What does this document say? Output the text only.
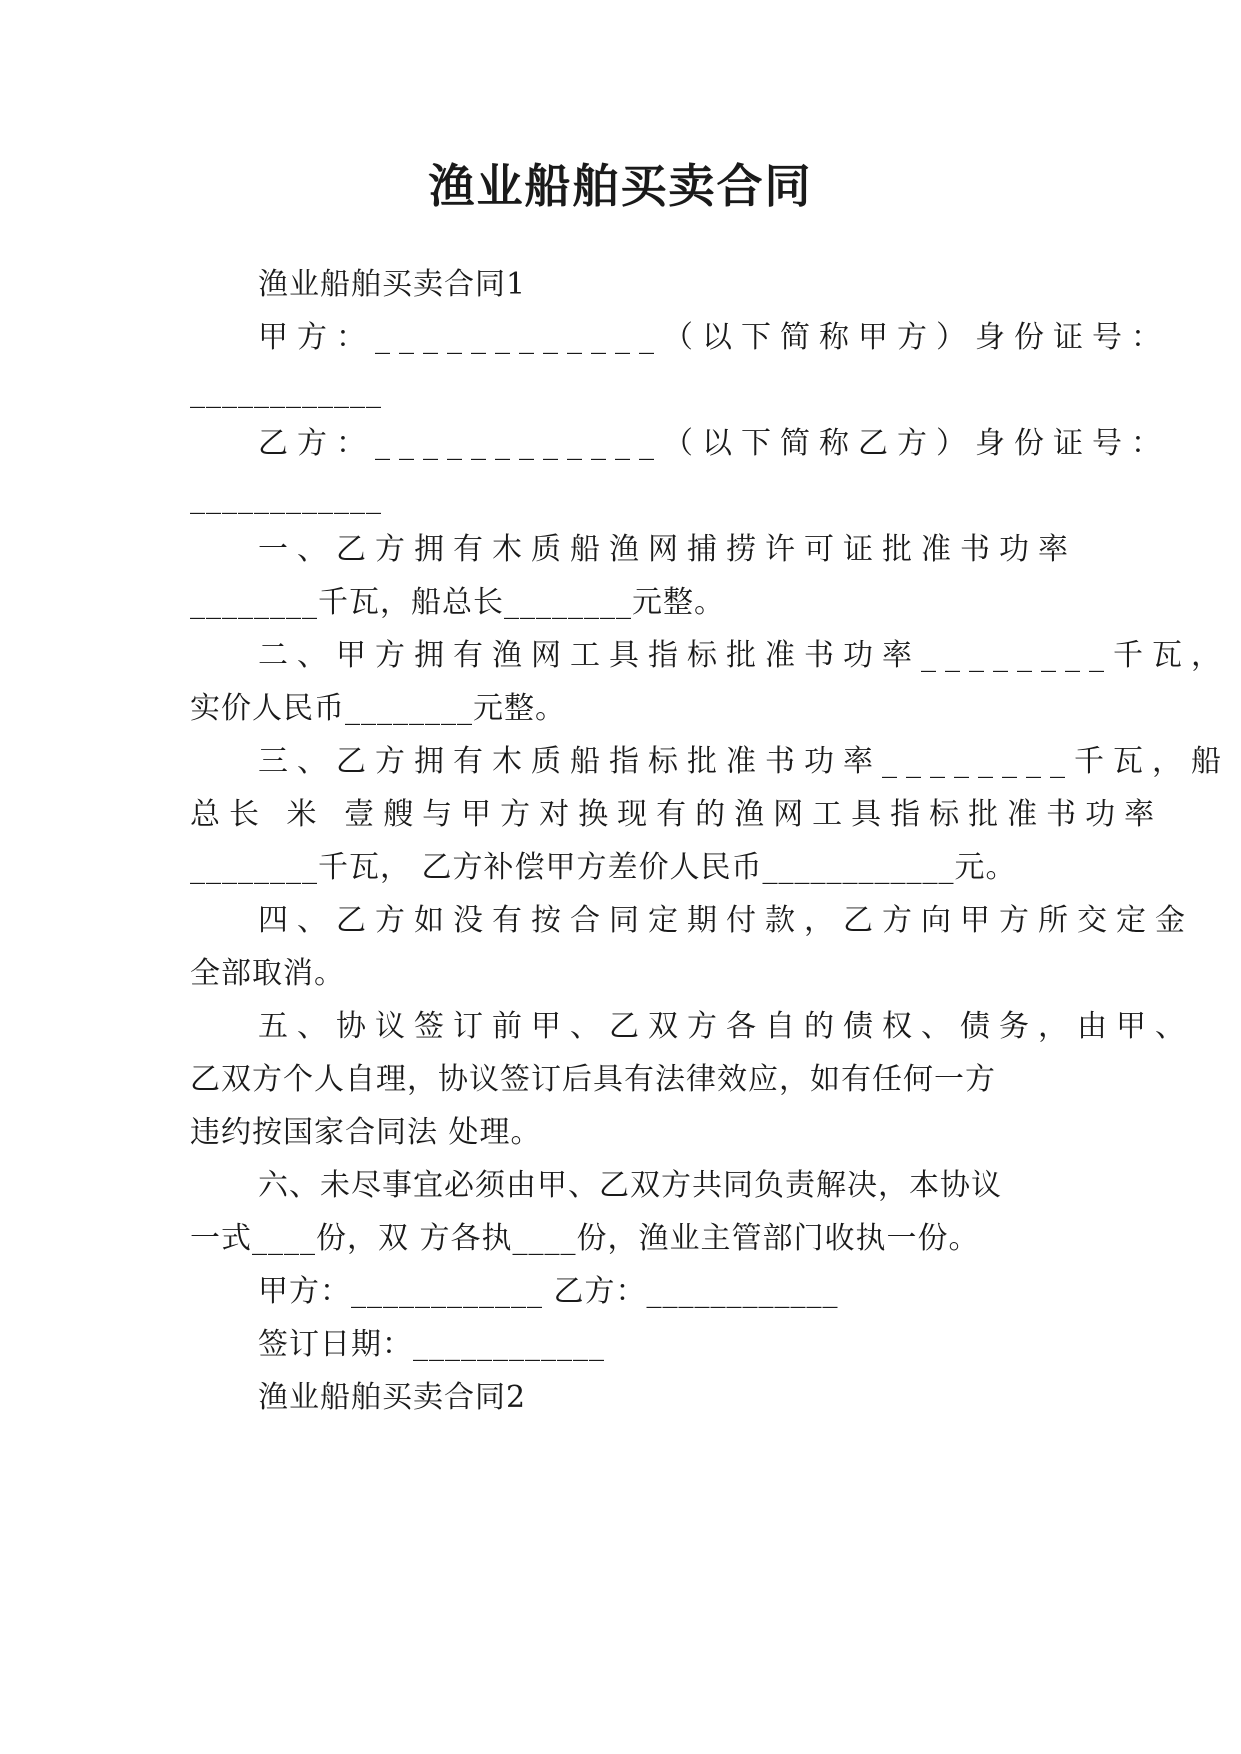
渔业船舶买卖合同
渔业船舶买卖合同1
甲方：____________（以下简称甲方）身份证号：
____________
乙方：____________（以下简称乙方）身份证号：
____________
一、乙方拥有木质船渔网捕捞许可证批准书功率
________千瓦，船总长________元整。
二、甲方拥有渔网工具指标批准书功率________千瓦，
实价人民币________元整。
三、乙方拥有木质船指标批准书功率________千瓦，船
总长 米 壹艘与甲方对换现有的渔网工具指标批准书功率
________千瓦， 乙方补偿甲方差价人民币____________元。
四、乙方如没有按合同定期付款，乙方向甲方所交定金
全部取消。
五、协议签订前甲、乙双方各自的债权、债务，由甲、
乙双方个人自理，协议签订后具有法律效应，如有任何一方
违约按国家合同法 处理。
六、未尽事宜必须由甲、乙双方共同负责解决，本协议
一式____份，双 方各执____份，渔业主管部门收执一份。
甲方：____________ 乙方：____________
签订日期：____________
渔业船舶买卖合同2
